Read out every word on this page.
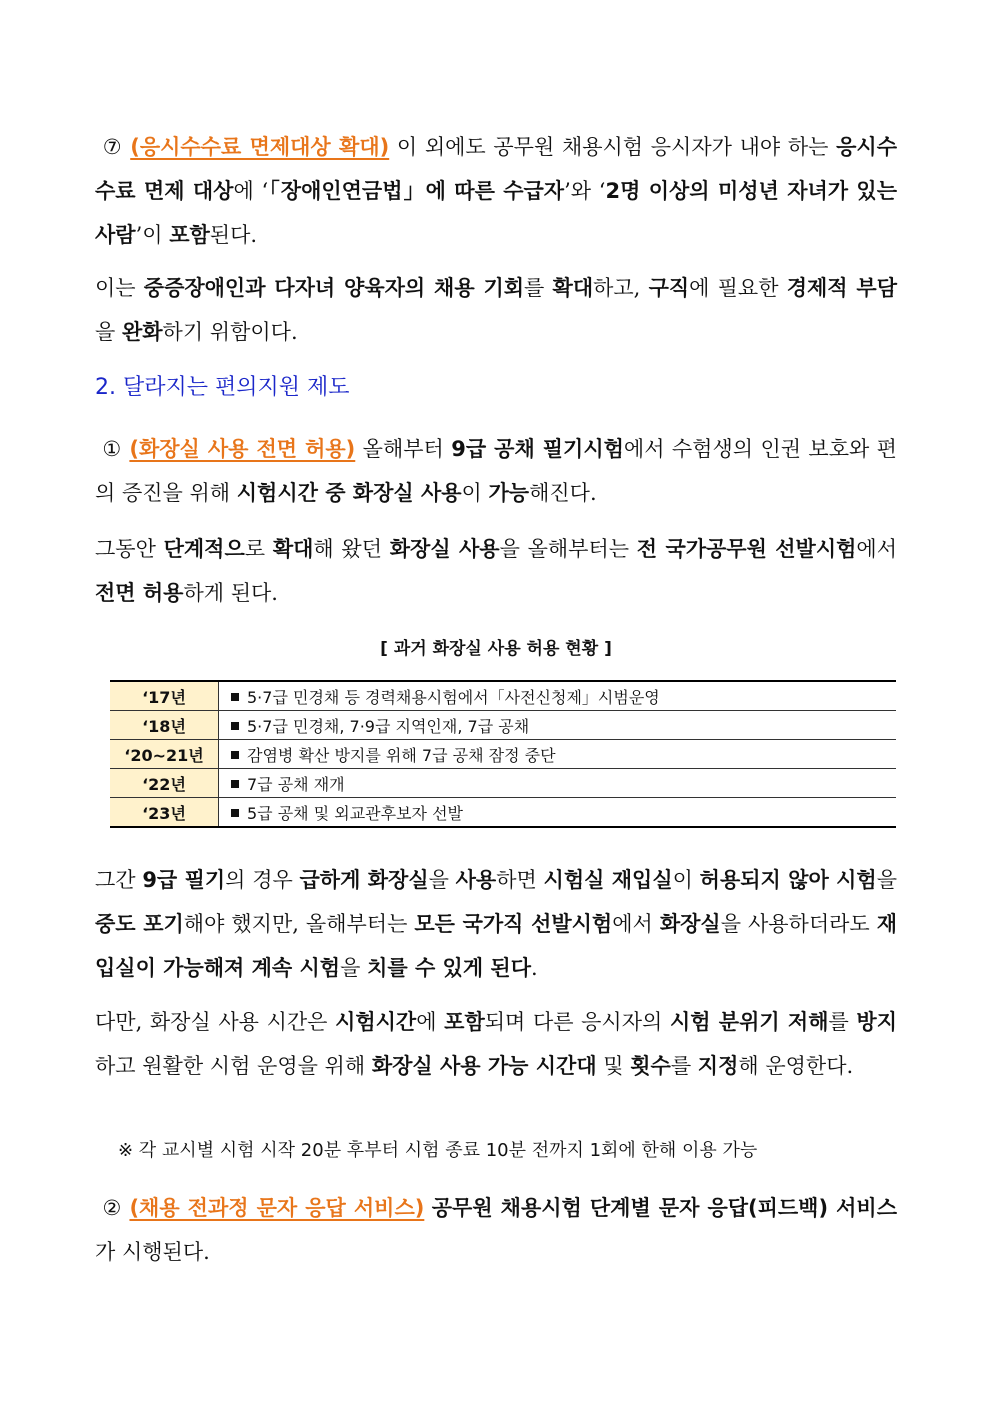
⑦ (응시수수료 면제대상 확대) 이 외에도 공무원 채용시험 응시자가 내야 하는 응시수수료 면제 대상에 ‘「장애인연금법」에 따른 수급자’와 ‘2명 이상의 미성년 자녀가 있는 사람’이 포함된다.
이는 중증장애인과 다자녀 양육자의 채용 기회를 확대하고, 구직에 필요한 경제적 부담을 완화하기 위함이다.
2. 달라지는 편의지원 제도
① (화장실 사용 전면 허용) 올해부터 9급 공채 필기시험에서 수험생의 인권 보호와 편의 증진을 위해 시험시간 중 화장실 사용이 가능해진다.
그동안 단계적으로 확대해 왔던 화장실 사용을 올해부터는 전 국가공무원 선발시험에서 전면 허용하게 된다.
[ 과거 화장실 사용 허용 현황 ]
‘17년	5·7급 민경채 등 경력채용시험에서「사전신청제」시범운영
‘18년	5·7급 민경채, 7·9급 지역인재, 7급 공채
‘20~21년	감염병 확산 방지를 위해 7급 공채 잠정 중단
‘22년	7급 공채 재개
‘23년	5급 공채 및 외교관후보자 선발
그간 9급 필기의 경우 급하게 화장실을 사용하면 시험실 재입실이 허용되지 않아 시험을 중도 포기해야 했지만, 올해부터는 모든 국가직 선발시험에서 화장실을 사용하더라도 재입실이 가능해져 계속 시험을 치를 수 있게 된다.
다만, 화장실 사용 시간은 시험시간에 포함되며 다른 응시자의 시험 분위기 저해를 방지하고 원활한 시험 운영을 위해 화장실 사용 가능 시간대 및 횟수를 지정해 운영한다.
※ 각 교시별 시험 시작 20분 후부터 시험 종료 10분 전까지 1회에 한해 이용 가능
② (채용 전과정 문자 응답 서비스) 공무원 채용시험 단계별 문자 응답(피드백) 서비스가 시행된다.
